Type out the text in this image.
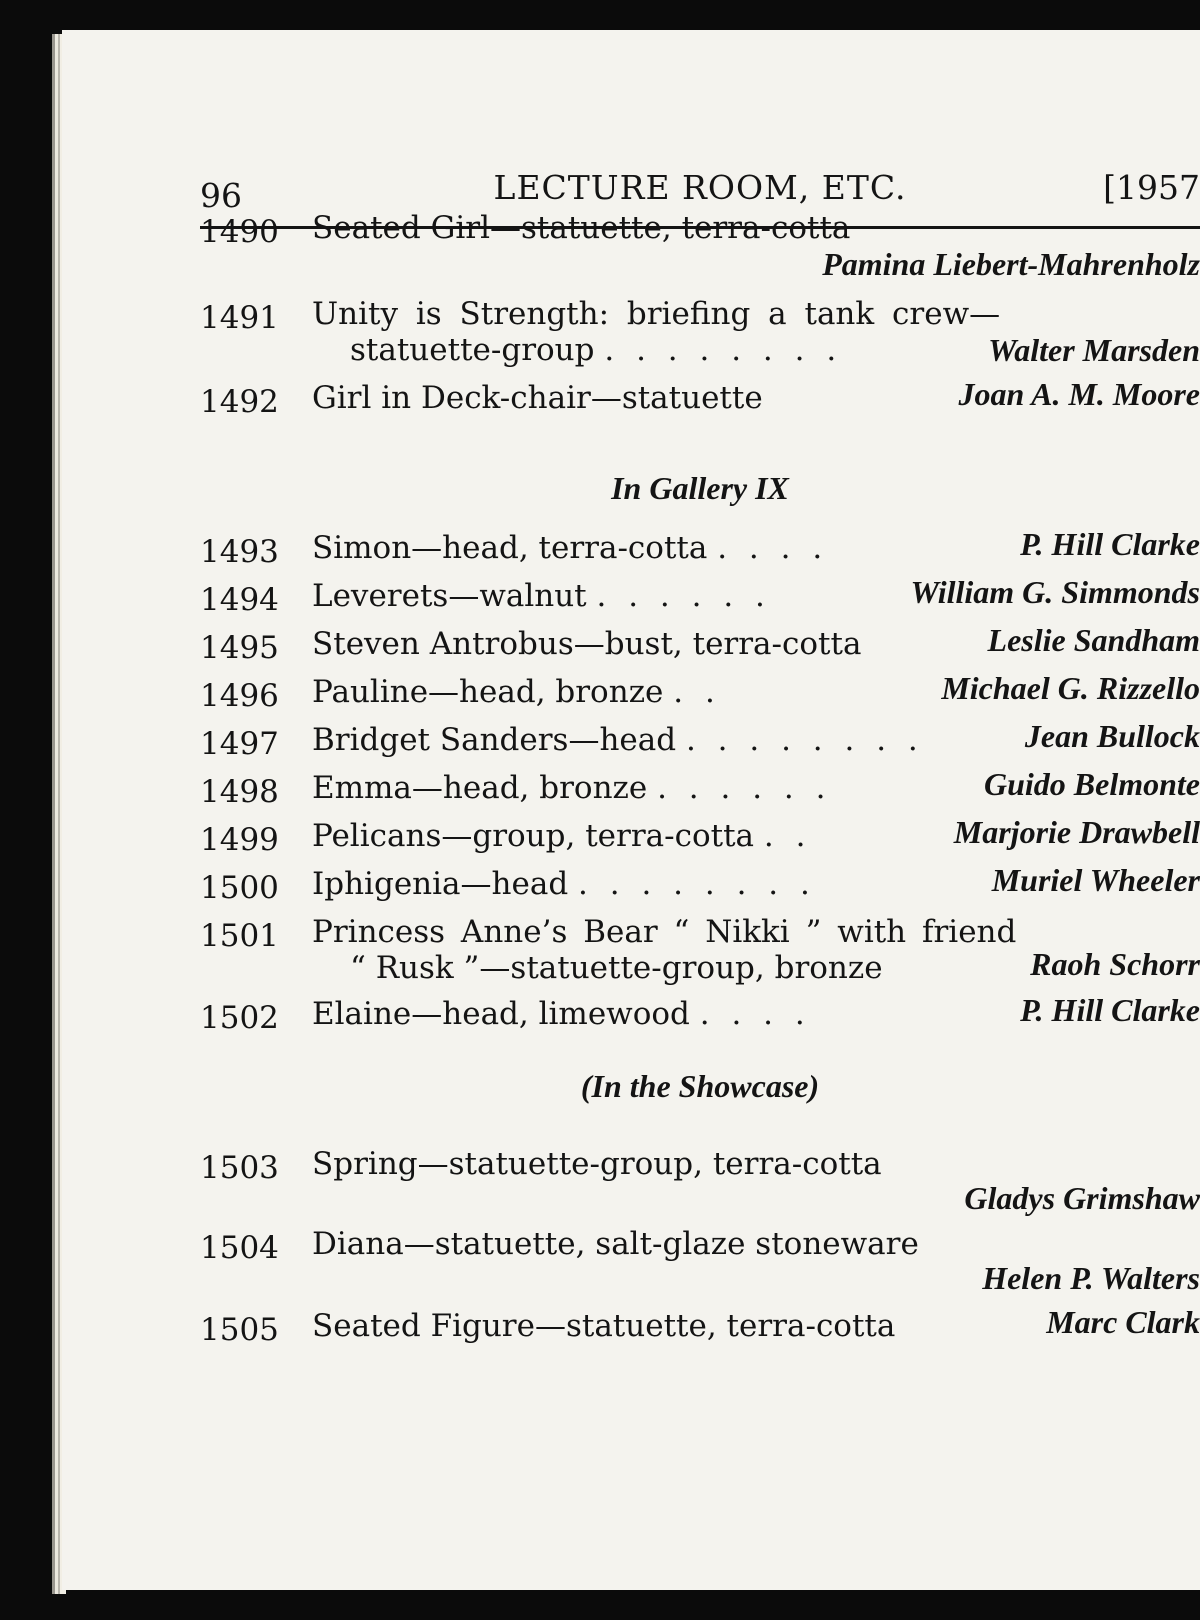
96	LECTURE ROOM, ETC.	[1957
1490	Seated Girl—statuette, terra-cotta
Pamina Liebert-Mahrenholz
1491	Unity is Strength: briefing a tank crew—
statuette-group . . . . . . . .	Walter Marsden
1492	Girl in Deck-chair—statuette	Joan A. M. Moore
In Gallery IX
1493	Simon—head, terra-cotta . . . .	P. Hill Clarke
1494	Leverets—walnut . . . . . .	William G. Simmonds
1495	Steven Antrobus—bust, terra-cotta	Leslie Sandham
1496	Pauline—head, bronze . .	Michael G. Rizzello
1497	Bridget Sanders—head . . . . . . . .	Jean Bullock
1498	Emma—head, bronze . . . . . .	Guido Belmonte
1499	Pelicans—group, terra-cotta . .	Marjorie Drawbell
1500	Iphigenia—head . . . . . . . .	Muriel Wheeler
1501	Princess Anne’s Bear “ Nikki ” with friend
“ Rusk ”—statuette-group, bronze	Raoh Schorr
1502	Elaine—head, limewood . . . .	P. Hill Clarke
(In the Showcase)
1503	Spring—statuette-group, terra-cotta
Gladys Grimshaw
1504	Diana—statuette, salt-glaze stoneware
Helen P. Walters
1505	Seated Figure—statuette, terra-cotta	Marc Clark
